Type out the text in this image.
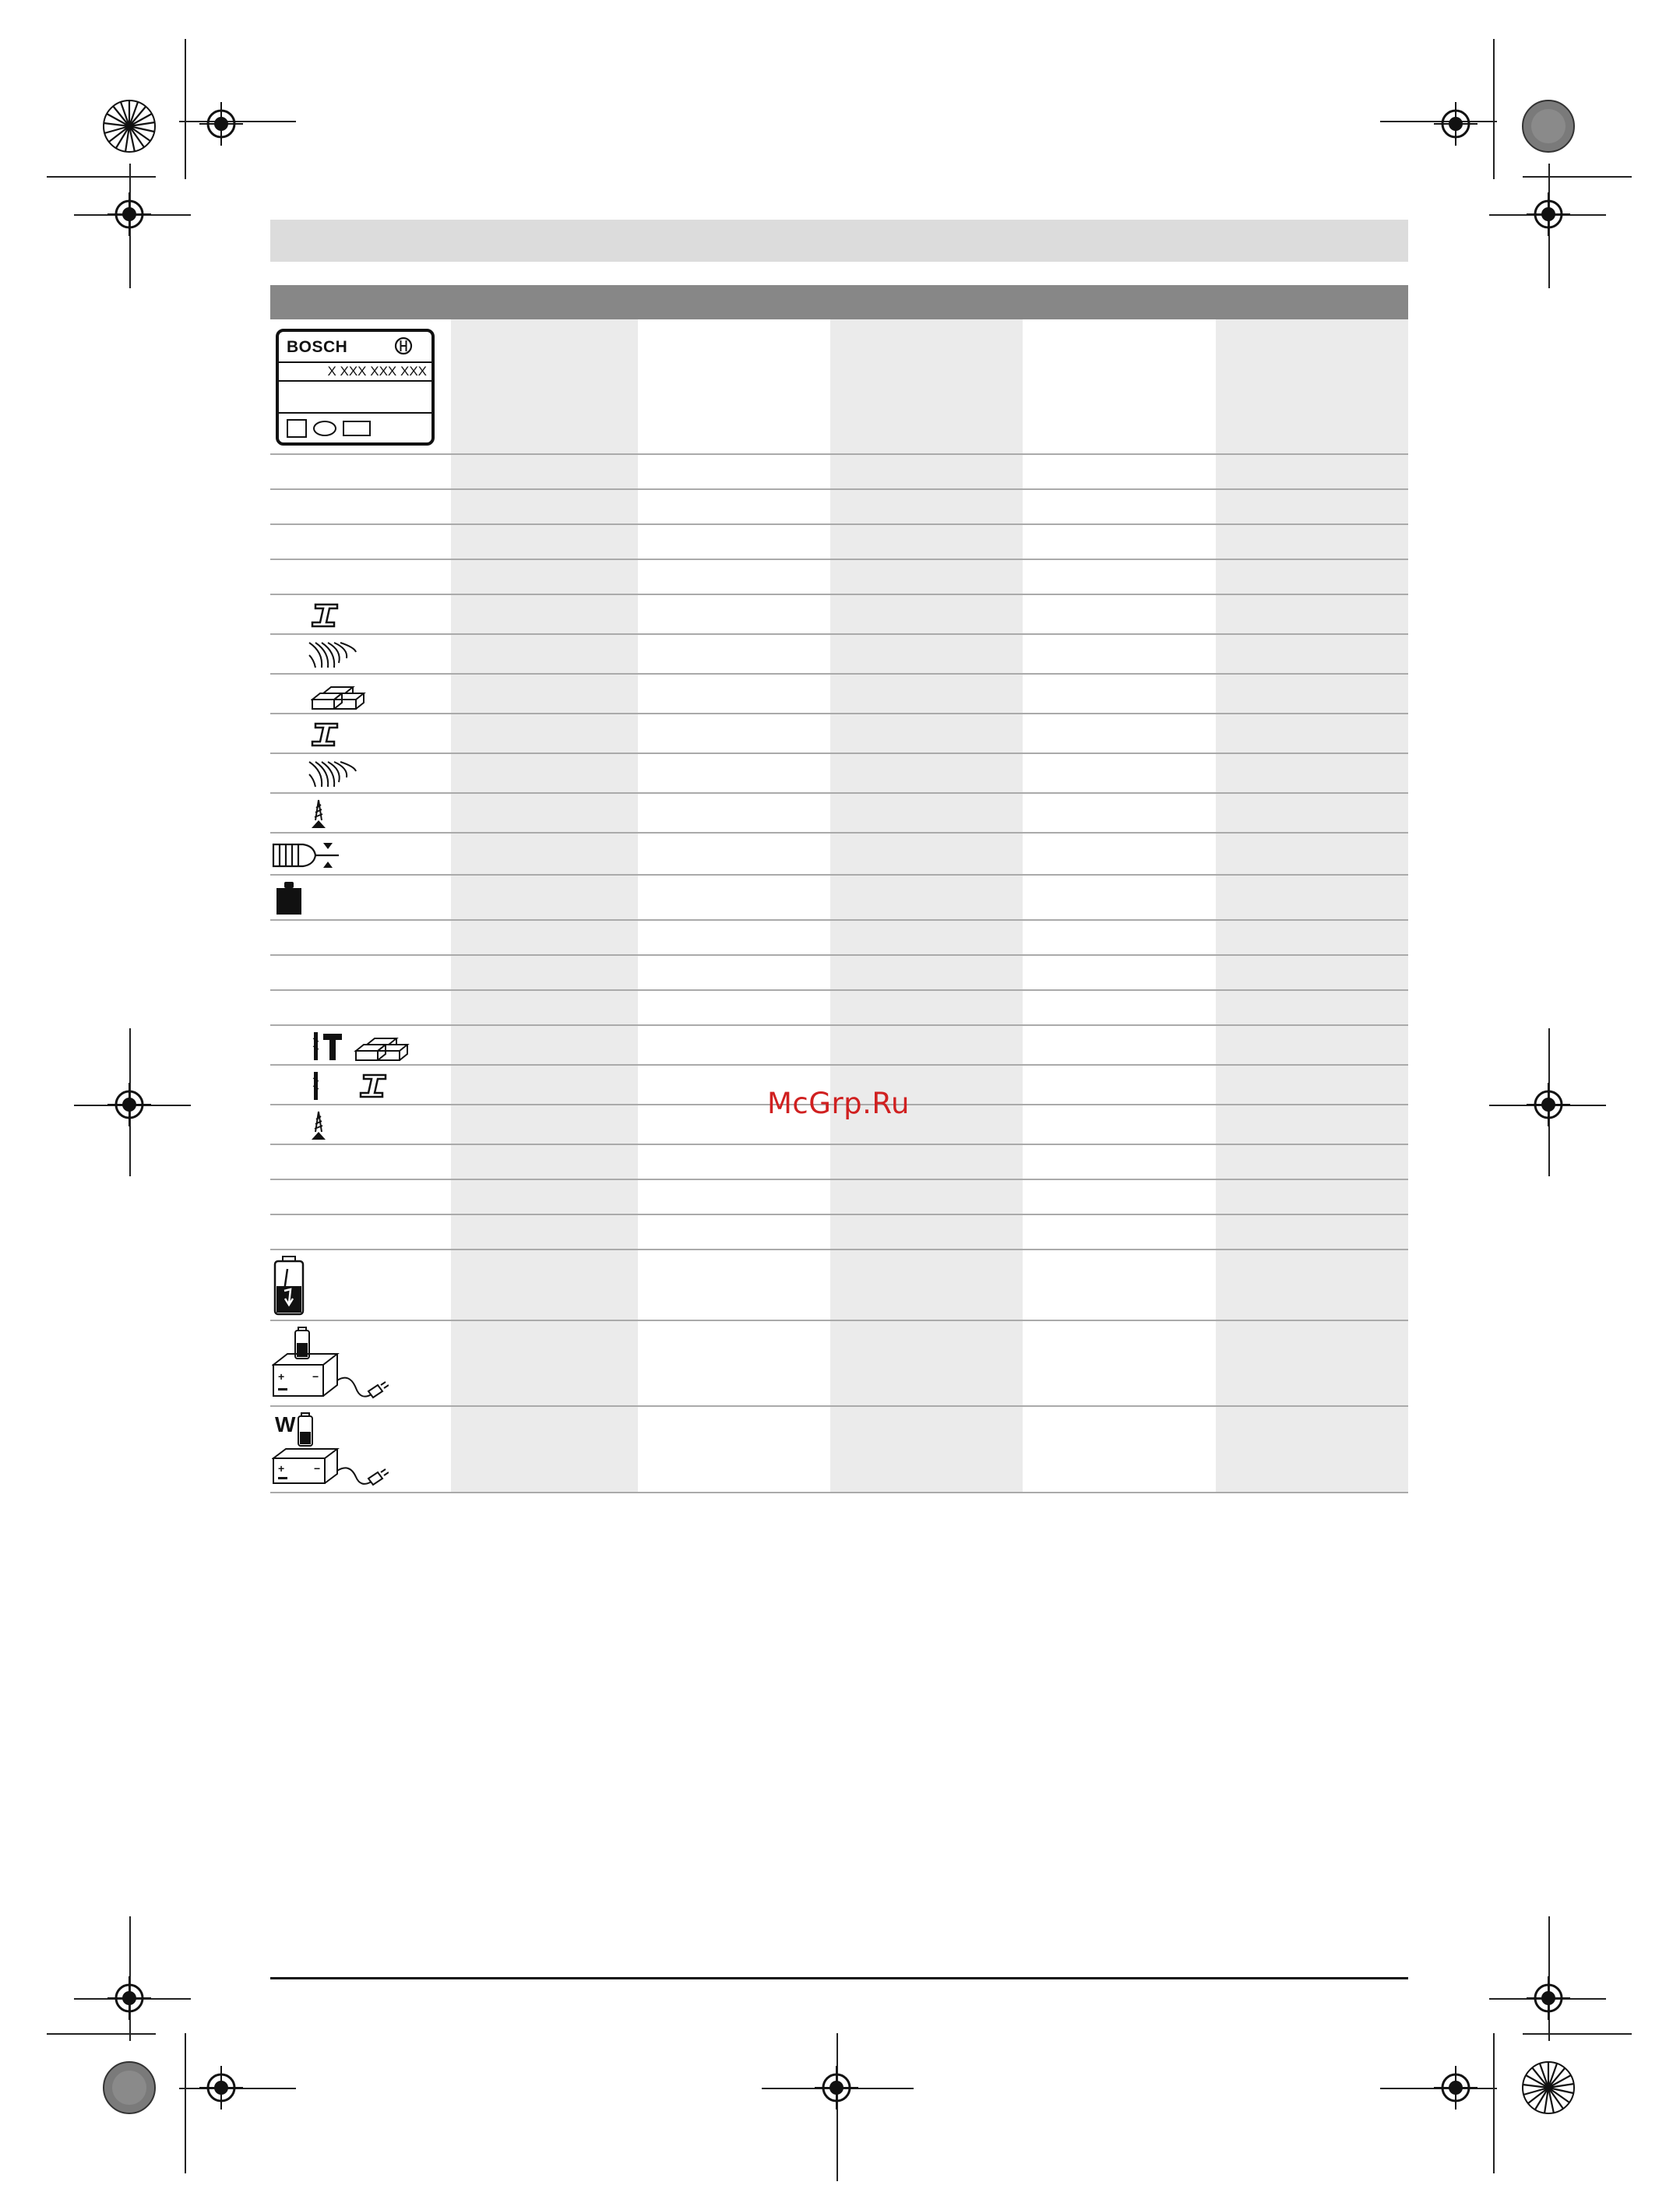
BOSCH
X XXX XXX XXX					

+ −					

W
+ −					

McGrp.Ru
